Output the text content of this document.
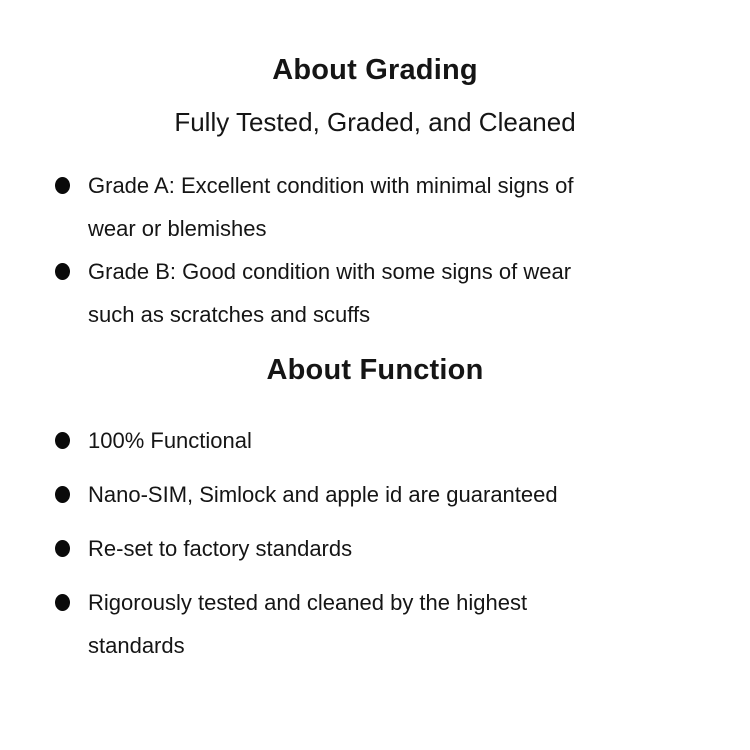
About Grading
Fully Tested, Graded, and Cleaned
Grade A: Excellent condition with minimal signs of
wear or blemishes
Grade B: Good condition with some signs of wear
such as scratches and scuffs
About Function
100% Functional
Nano-SIM, Simlock and apple id are guaranteed
Re-set to factory standards
Rigorously tested and cleaned by the highest
standards
